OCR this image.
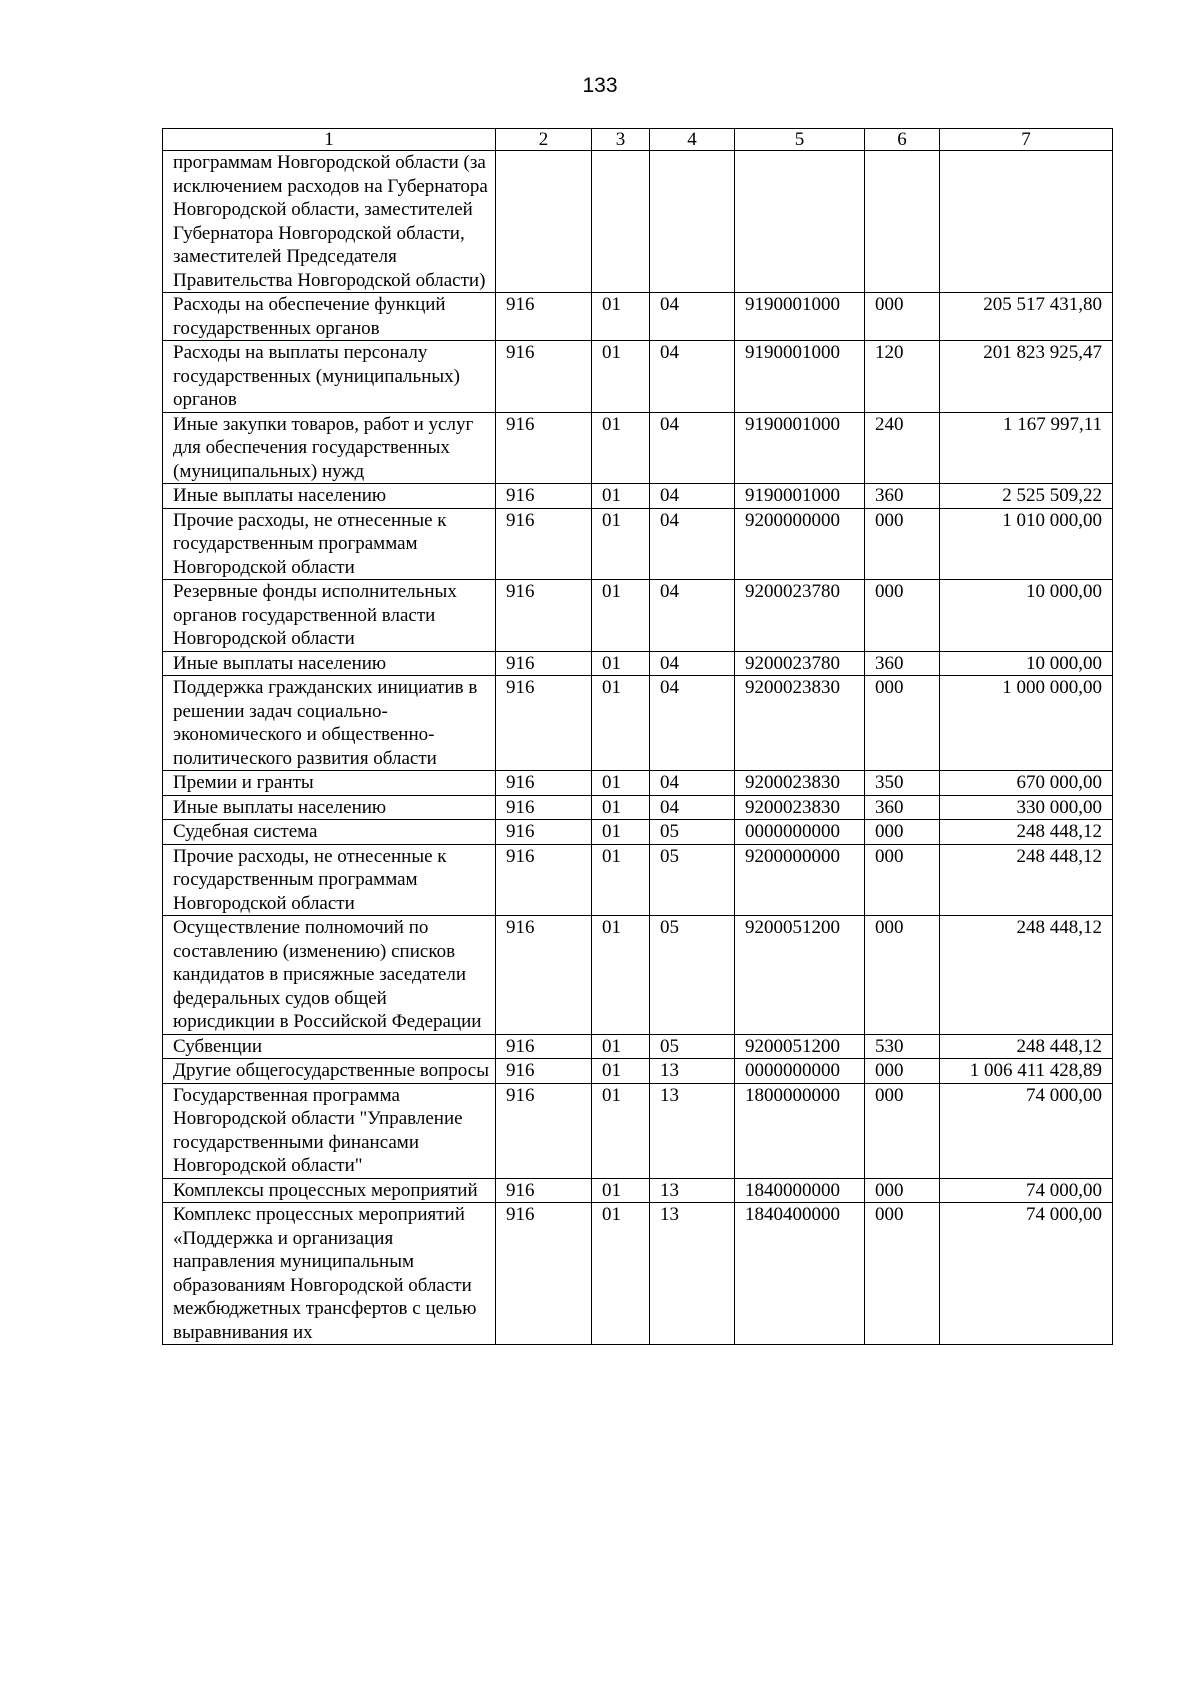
133
1	2	3	4	5	6	7
программам Новгородской области (за исключением расходов на Губернатора Новгородской области, заместителей Губернатора Новгородской области, заместителей Председателя Правительства Новгородской области)						
Расходы на обеспечение функций государственных органов	916	01	04	9190001000	000	205 517 431,80
Расходы на выплаты персоналу государственных (муниципальных) органов	916	01	04	9190001000	120	201 823 925,47
Иные закупки товаров, работ и услуг для обеспечения государственных (муниципальных) нужд	916	01	04	9190001000	240	1 167 997,11
Иные выплаты населению	916	01	04	9190001000	360	2 525 509,22
Прочие расходы, не отнесенные к государственным программам Новгородской области	916	01	04	9200000000	000	1 010 000,00
Резервные фонды исполнительных органов государственной власти Новгородской области	916	01	04	9200023780	000	10 000,00
Иные выплаты населению	916	01	04	9200023780	360	10 000,00
Поддержка гражданских инициатив в решении задач социально-экономического и общественно-политического развития области	916	01	04	9200023830	000	1 000 000,00
Премии и гранты	916	01	04	9200023830	350	670 000,00
Иные выплаты населению	916	01	04	9200023830	360	330 000,00
Судебная система	916	01	05	0000000000	000	248 448,12
Прочие расходы, не отнесенные к государственным программам Новгородской области	916	01	05	9200000000	000	248 448,12
Осуществление полномочий по составлению (изменению) списков кандидатов в присяжные заседатели федеральных судов общей юрисдикции в Российской Федерации	916	01	05	9200051200	000	248 448,12
Субвенции	916	01	05	9200051200	530	248 448,12
Другие общегосударственные вопросы	916	01	13	0000000000	000	1 006 411 428,89
Государственная программа Новгородской области "Управление государственными финансами Новгородской области"	916	01	13	1800000000	000	74 000,00
Комплексы процессных мероприятий	916	01	13	1840000000	000	74 000,00
Комплекс процессных мероприятий «Поддержка и организация направления муниципальным образованиям Новгородской области межбюджетных трансфертов с целью выравнивания их	916	01	13	1840400000	000	74 000,00
